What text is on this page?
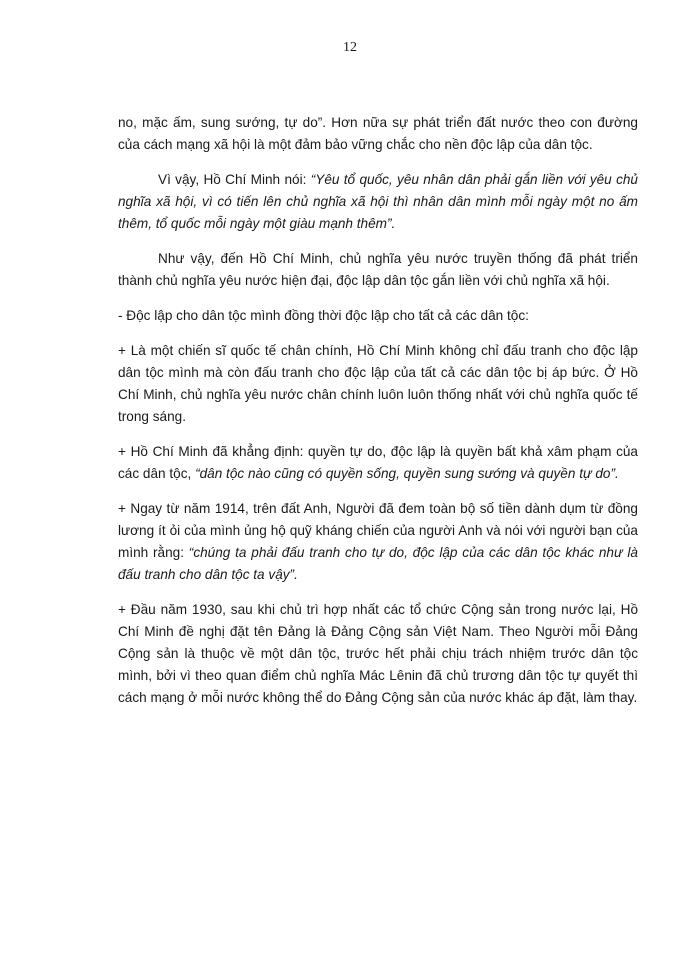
12

no, mặc ấm, sung sướng, tự do”. Hơn nữa sự phát triển đất nước theo con đường của cách mạng xã hội là một đảm bảo vững chắc cho nền độc lập của dân tộc.

Vì vậy, Hồ Chí Minh nói: “Yêu tổ quốc, yêu nhân dân phải gắn liền với yêu chủ nghĩa xã hội, vì có tiến lên chủ nghĩa xã hội thì nhân dân mình mỗi ngày một no ấm thêm, tổ quốc mỗi ngày một giàu mạnh thêm”.

Như vậy, đến Hồ Chí Minh, chủ nghĩa yêu nước truyền thống đã phát triển thành chủ nghĩa yêu nước hiện đại, độc lập dân tộc gắn liền với chủ nghĩa xã hội.

- Độc lập cho dân tộc mình đồng thời độc lập cho tất cả các dân tộc:

+ Là một chiến sĩ quốc tế chân chính, Hồ Chí Minh không chỉ đấu tranh cho độc lập dân tộc mình mà còn đấu tranh cho độc lập của tất cả các dân tộc bị áp bức. Ở Hồ Chí Minh, chủ nghĩa yêu nước chân chính luôn luôn thống nhất với chủ nghĩa quốc tế trong sáng.

+ Hồ Chí Minh đã khẳng định: quyền tự do, độc lập là quyền bất khả xâm phạm của các dân tộc, “dân tộc nào cũng có quyền sống, quyền sung sướng và quyền tự do”.

+ Ngay từ năm 1914, trên đất Anh, Người đã đem toàn bộ số tiền dành dụm từ đồng lương ít ỏi của mình ủng hộ quỹ kháng chiến của người Anh và nói với người bạn của mình rằng: “chúng ta phải đấu tranh cho tự do, độc lập của các dân tộc khác như là đấu tranh cho dân tộc ta vậy”.

+ Đầu năm 1930, sau khi chủ trì hợp nhất các tổ chức Cộng sản trong nước lại, Hồ Chí Minh đề nghị đặt tên Đảng là Đảng Cộng sản Việt Nam. Theo Người mỗi Đảng Cộng sản là thuộc về một dân tộc, trước hết phải chịu trách nhiệm trước dân tộc mình, bởi vì theo quan điểm chủ nghĩa Mác Lênin đã chủ trương dân tộc tự quyết thì cách mạng ở mỗi nước không thể do Đảng Cộng sản của nước khác áp đặt, làm thay.
